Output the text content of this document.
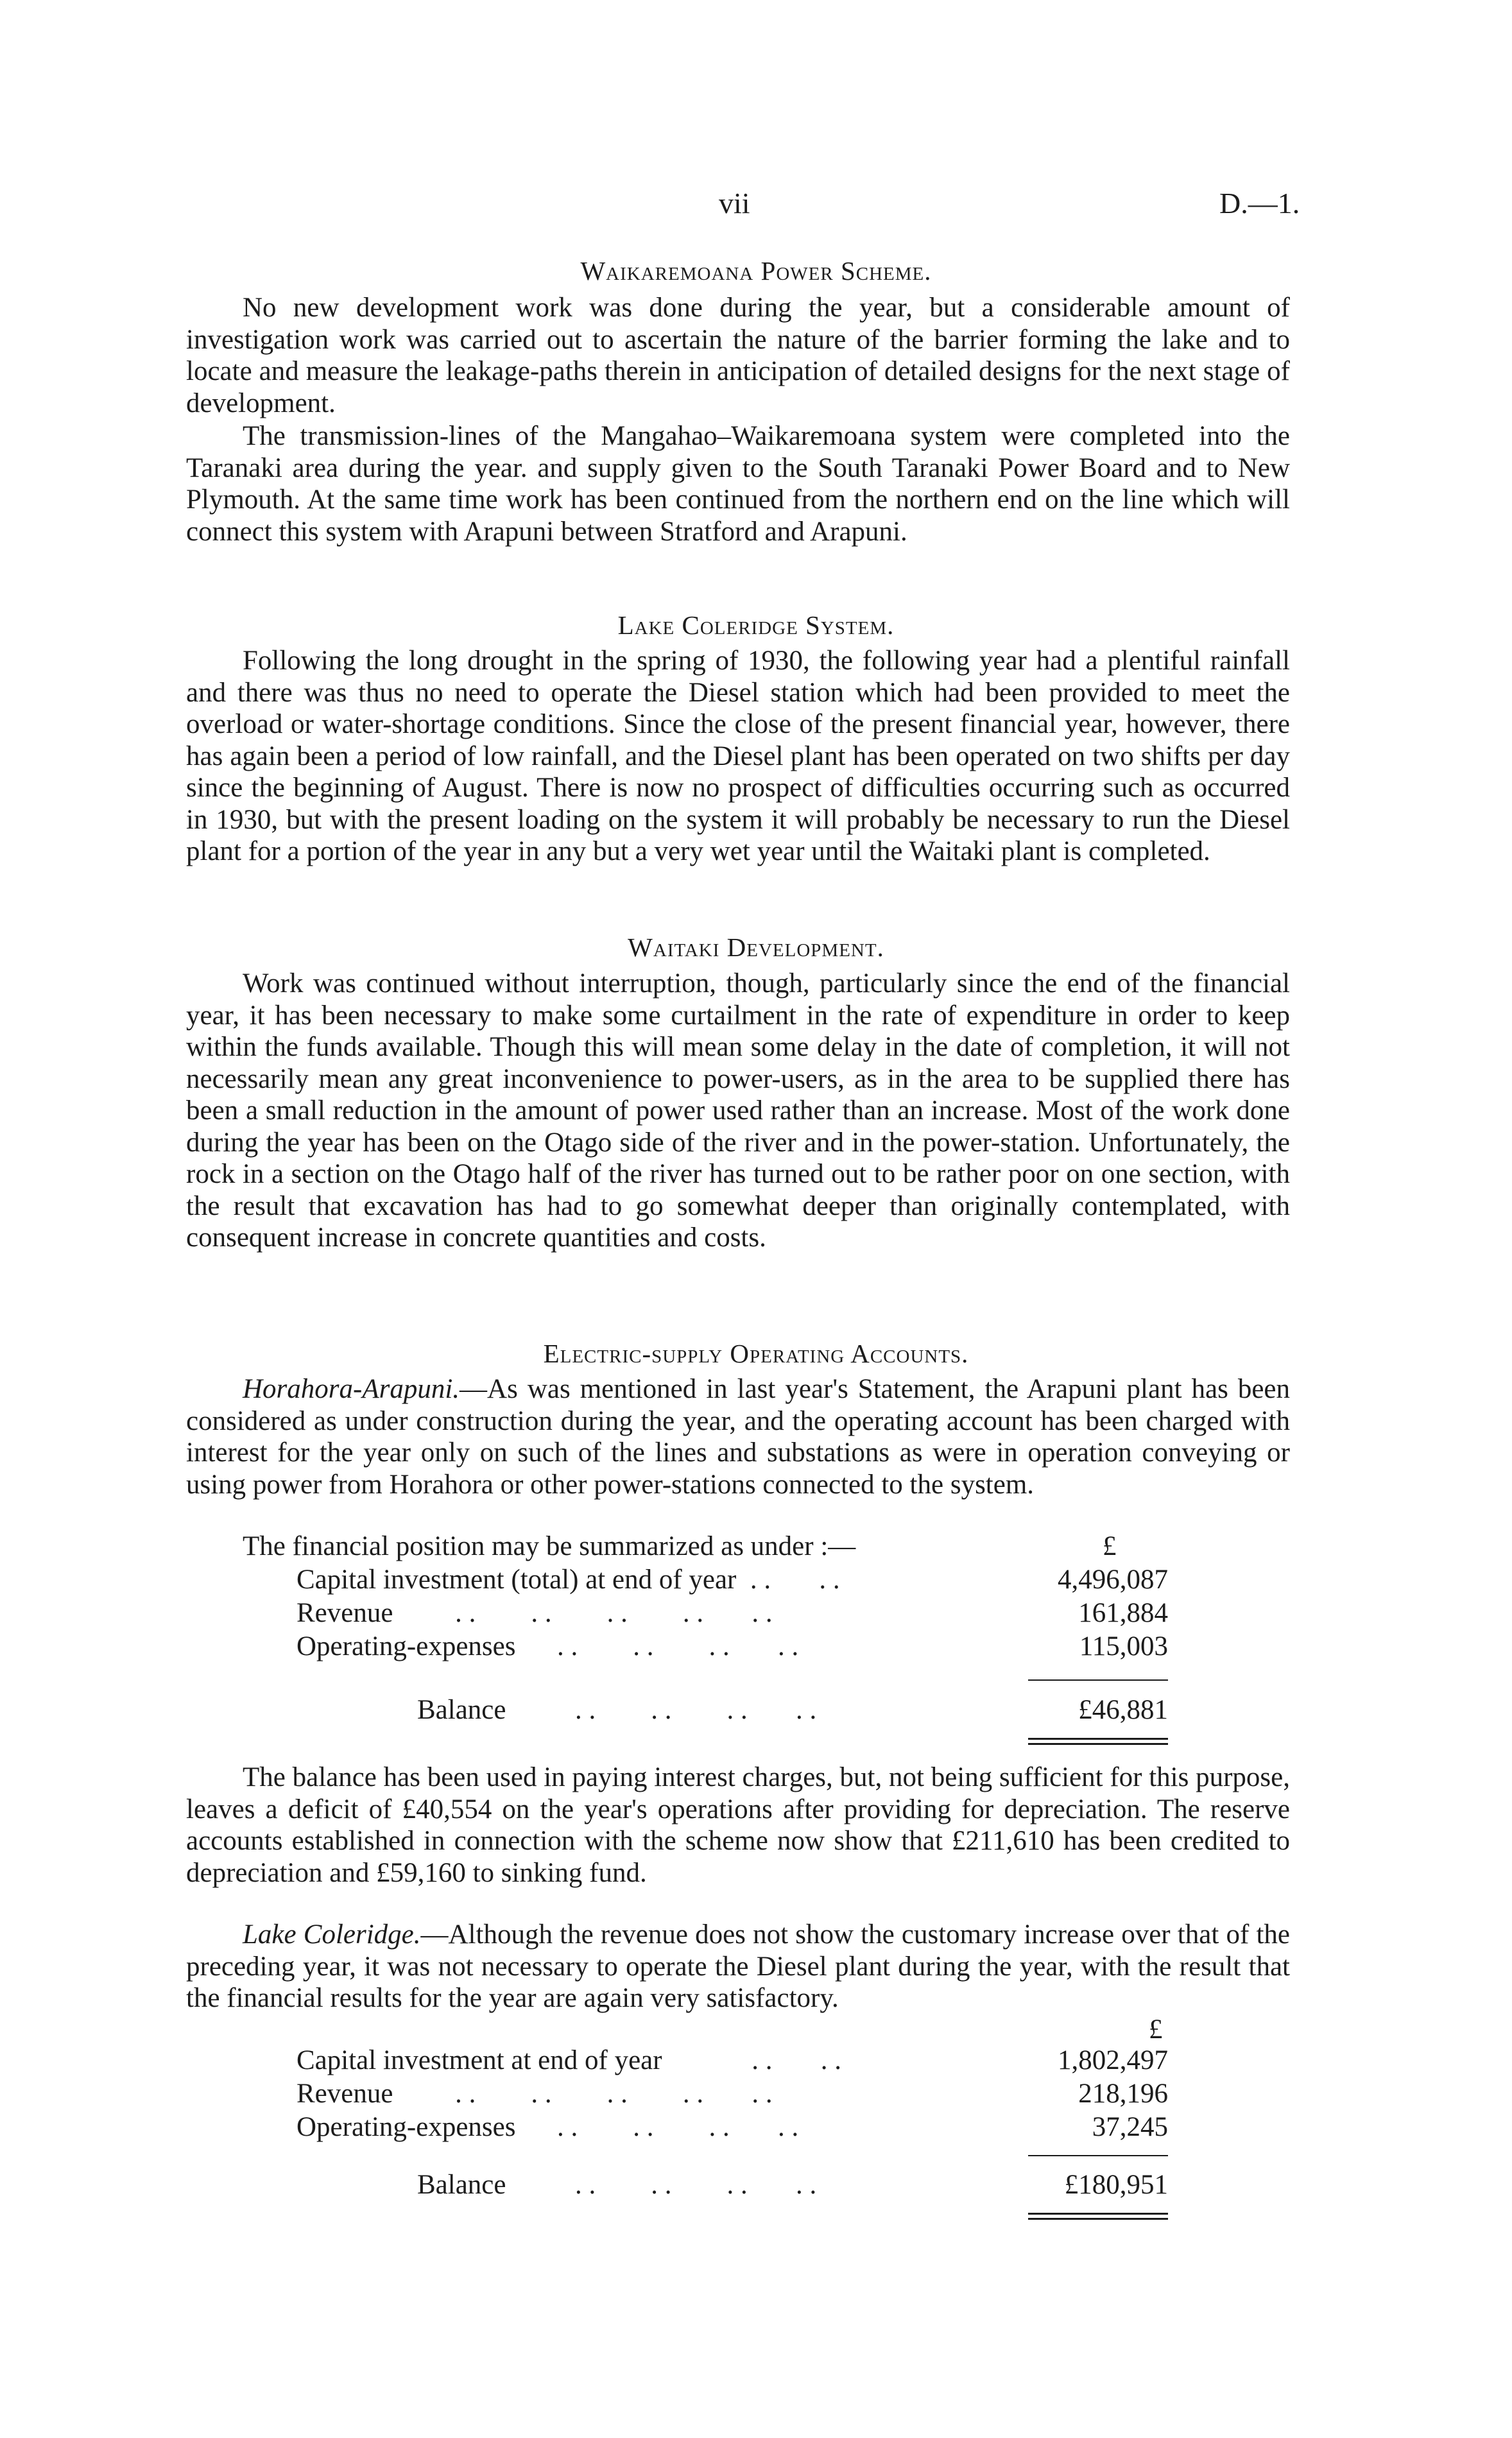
vii	D.—1.
Waikaremoana Power Scheme.

No new development work was done during the year, but a considerable amount of investigation work was carried out to ascertain the nature of the barrier forming the lake and to locate and measure the leakage-paths therein in anticipation of detailed designs for the next stage of development.

The transmission-lines of the Mangahao–Waikaremoana system were completed into the Taranaki area during the year. and supply given to the South Taranaki Power Board and to New Plymouth. At the same time work has been continued from the northern end on the line which will connect this system with Arapuni between Stratford and Arapuni.

Lake Coleridge System.

Following the long drought in the spring of 1930, the following year had a plentiful rainfall and there was thus no need to operate the Diesel station which had been provided to meet the overload or water-shortage conditions. Since the close of the present financial year, however, there has again been a period of low rainfall, and the Diesel plant has been operated on two shifts per day since the beginning of August. There is now no prospect of difficulties occurring such as occurred in 1930, but with the present loading on the system it will probably be necessary to run the Diesel plant for a portion of the year in any but a very wet year until the Waitaki plant is completed.

Waitaki Development.

Work was continued without interruption, though, particularly since the end of the financial year, it has been necessary to make some curtailment in the rate of expenditure in order to keep within the funds available. Though this will mean some delay in the date of completion, it will not necessarily mean any great inconvenience to power-users, as in the area to be supplied there has been a small reduction in the amount of power used rather than an increase. Most of the work done during the year has been on the Otago side of the river and in the power-station. Unfortunately, the rock in a section on the Otago half of the river has turned out to be rather poor on one section, with the result that excavation has had to go somewhat deeper than originally contemplated, with consequent increase in concrete quantities and costs.

Electric-supply Operating Accounts.

Horahora-Arapuni.—As was mentioned in last year's Statement, the Arapuni plant has been considered as under construction during the year, and the operating account has been charged with interest for the year only on such of the lines and substations as were in operation conveying or using power from Horahora or other power-stations connected to the system.

The financial position may be summarized as under :—	£
Capital investment (total) at end of year  . .       . .	4,496,087
Revenue         . .        . .        . .        . .       . .	161,884
Operating-expenses      . .        . .        . .       . .	115,003
Balance          . .        . .        . .       . .	£46,881

The balance has been used in paying interest charges, but, not being sufficient for this purpose, leaves a deficit of £40,554 on the year's operations after providing for depreciation. The reserve accounts established in connection with the scheme now show that £211,610 has been credited to depreciation and £59,160 to sinking fund.

Lake Coleridge.—Although the revenue does not show the customary increase over that of the preceding year, it was not necessary to operate the Diesel plant during the year, with the result that the financial results for the year are again very satisfactory.

£
Capital investment at end of year             . .       . .	1,802,497
Revenue         . .        . .        . .        . .       . .	218,196
Operating-expenses      . .        . .        . .       . .	37,245
Balance          . .        . .        . .       . .	£180,951
